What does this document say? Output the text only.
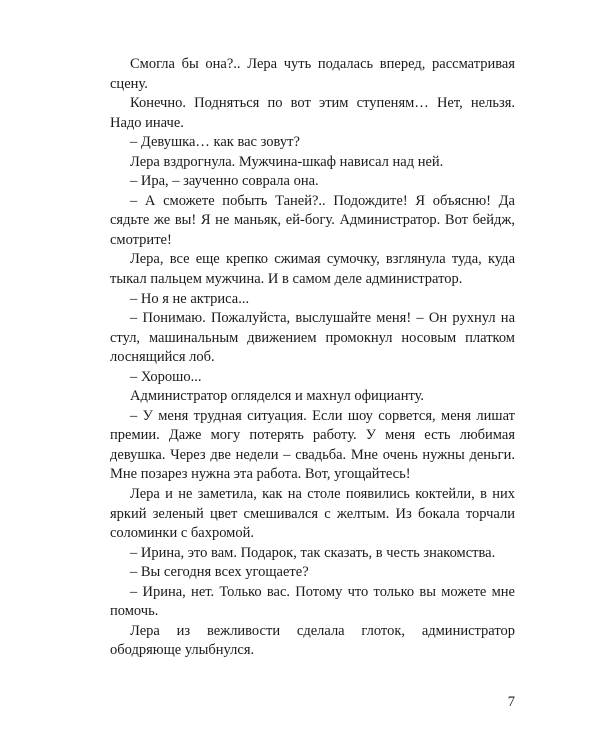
Смогла бы она?.. Лера чуть подалась вперед, рассматривая сцену.

Конечно. Подняться по вот этим ступеням… Нет, нельзя. Надо иначе.

– Девушка… как вас зовут?

Лера вздрогнула. Мужчина-шкаф нависал над ней.

– Ира, – заученно соврала она.

– А сможете побыть Таней?.. Подождите! Я объясню! Да сядьте же вы! Я не маньяк, ей-богу. Администратор. Вот бейдж, смотрите!

Лера, все еще крепко сжимая сумочку, взглянула туда, куда тыкал пальцем мужчина. И в самом деле администратор.

– Но я не актриса...

– Понимаю. Пожалуйста, выслушайте меня! – Он рухнул на стул, машинальным движением промокнул носовым платком лоснящийся лоб.

– Хорошо...

Администратор огляделся и махнул официанту.

– У меня трудная ситуация. Если шоу сорвется, меня лишат премии. Даже могу потерять работу. У меня есть любимая девушка. Через две недели – свадьба. Мне очень нужны деньги. Мне позарез нужна эта работа. Вот, угощайтесь!

Лера и не заметила, как на столе появились коктейли, в них яркий зеленый цвет смешивался с желтым. Из бокала торчали соломинки с бахромой.

– Ирина, это вам. Подарок, так сказать, в честь знакомства.

– Вы сегодня всех угощаете?

– Ирина, нет. Только вас. Потому что только вы можете мне помочь.

Лера из вежливости сделала глоток, администратор ободряюще улыбнулся.

7
